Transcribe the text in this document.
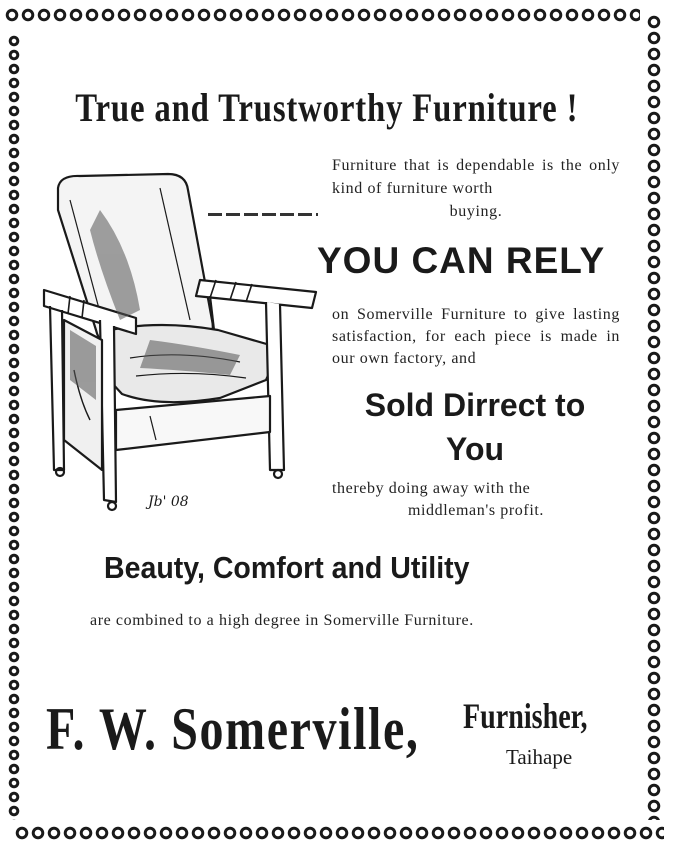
True and Trustworthy Furniture !
Jb' 08
Furniture that is dependable is the only kind of furniture worth
buying.
YOU CAN RELY
on Somerville Furniture to give lasting satisfaction, for each piece is made in our own factory, and
Sold Dirrect to
You
thereby doing away with the
middleman's profit.
Beauty, Comfort and Utility
are combined to a high degree in Somerville Furniture.
F. W. Somerville, Furnisher,
Taihape
